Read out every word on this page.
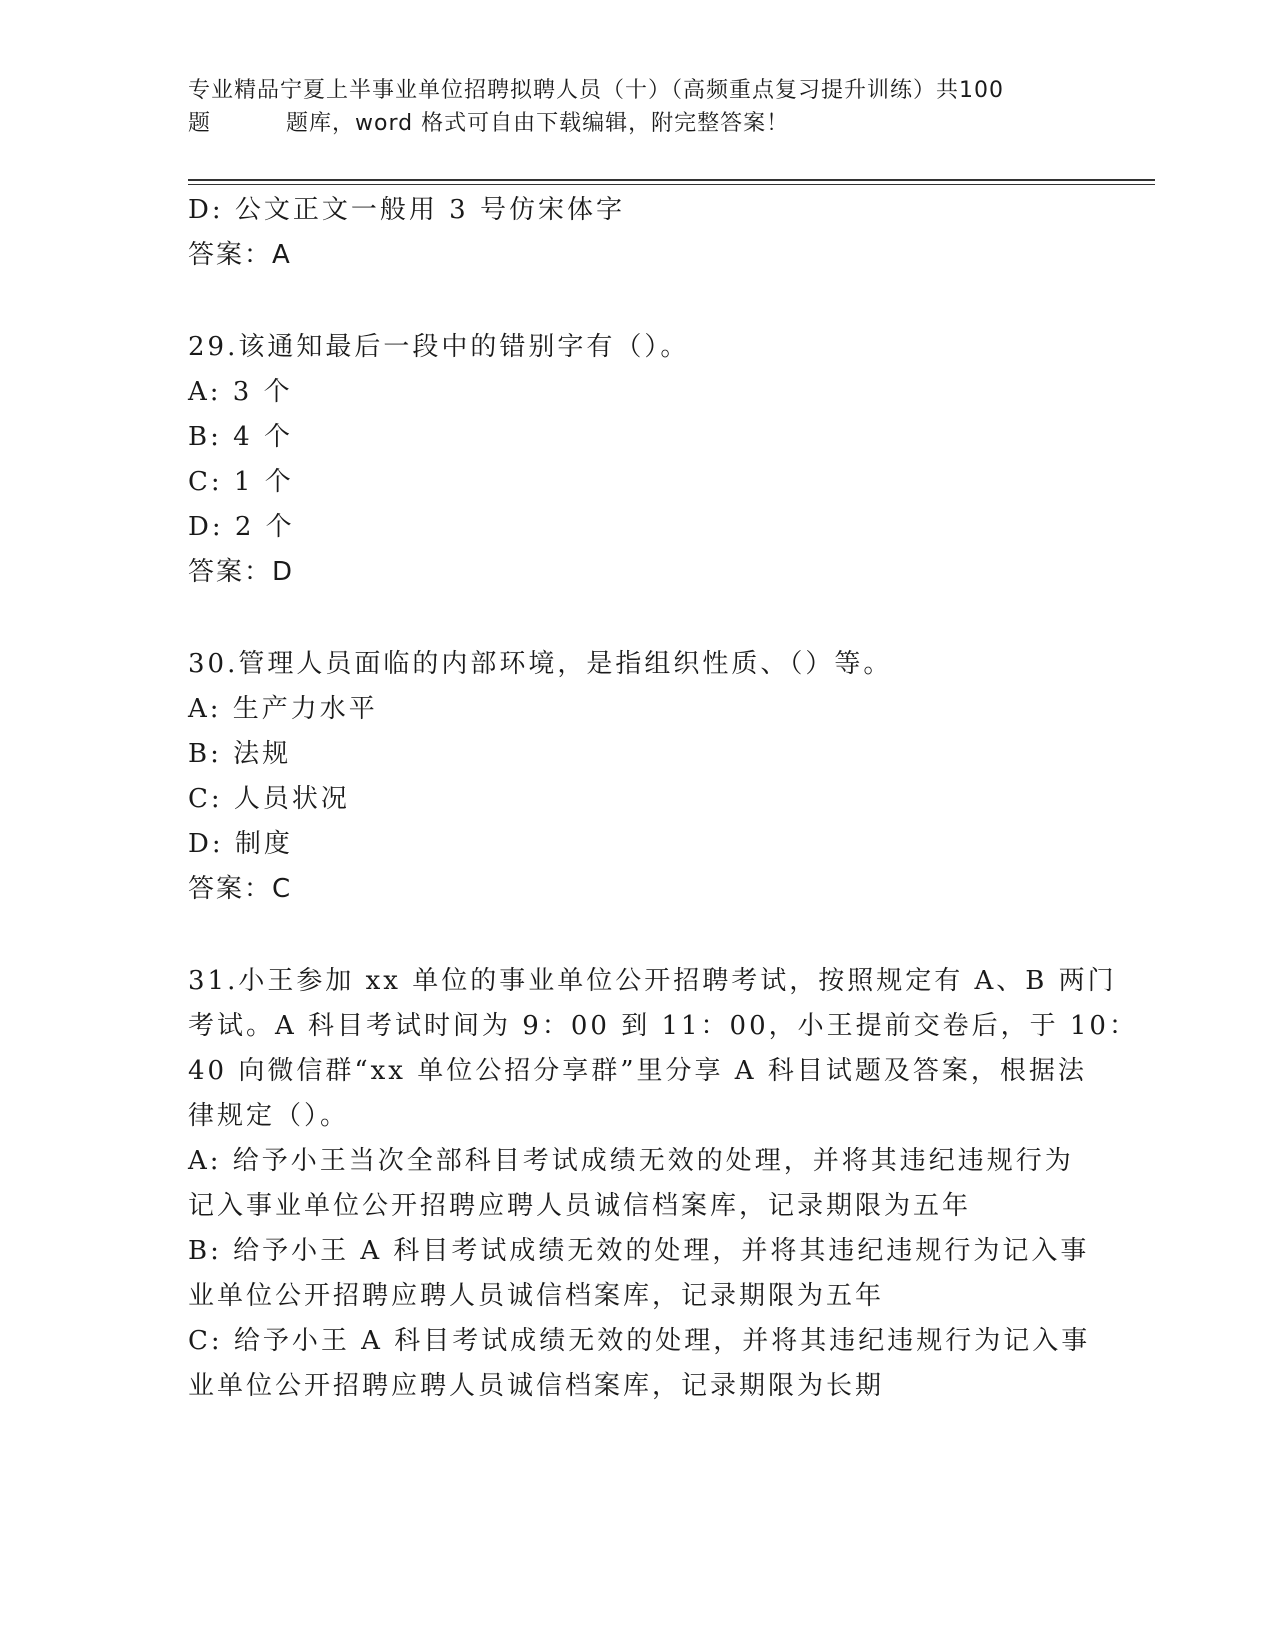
专业精品宁夏上半事业单位招聘拟聘人员（十）（高频重点复习提升训练）共100
题	题库，word 格式可自由下载编辑，附完整答案！
D: 公文正文一般用 3 号仿宋体字
答案：A
29.该通知最后一段中的错别字有（）。
A: 3 个
B: 4 个
C: 1 个
D: 2 个
答案：D
30.管理人员面临的内部环境，是指组织性质、（）等。
A: 生产力水平
B: 法规
C: 人员状况
D: 制度
答案：C
31.小王参加 xx 单位的事业单位公开招聘考试，按照规定有 A、B 两门
考试。A 科目考试时间为 9：00 到 11：00，小王提前交卷后，于 10：
40 向微信群“xx 单位公招分享群”里分享 A 科目试题及答案，根据法
律规定（）。
A: 给予小王当次全部科目考试成绩无效的处理，并将其违纪违规行为
记入事业单位公开招聘应聘人员诚信档案库，记录期限为五年
B: 给予小王 A 科目考试成绩无效的处理，并将其违纪违规行为记入事
业单位公开招聘应聘人员诚信档案库，记录期限为五年
C: 给予小王 A 科目考试成绩无效的处理，并将其违纪违规行为记入事
业单位公开招聘应聘人员诚信档案库，记录期限为长期
